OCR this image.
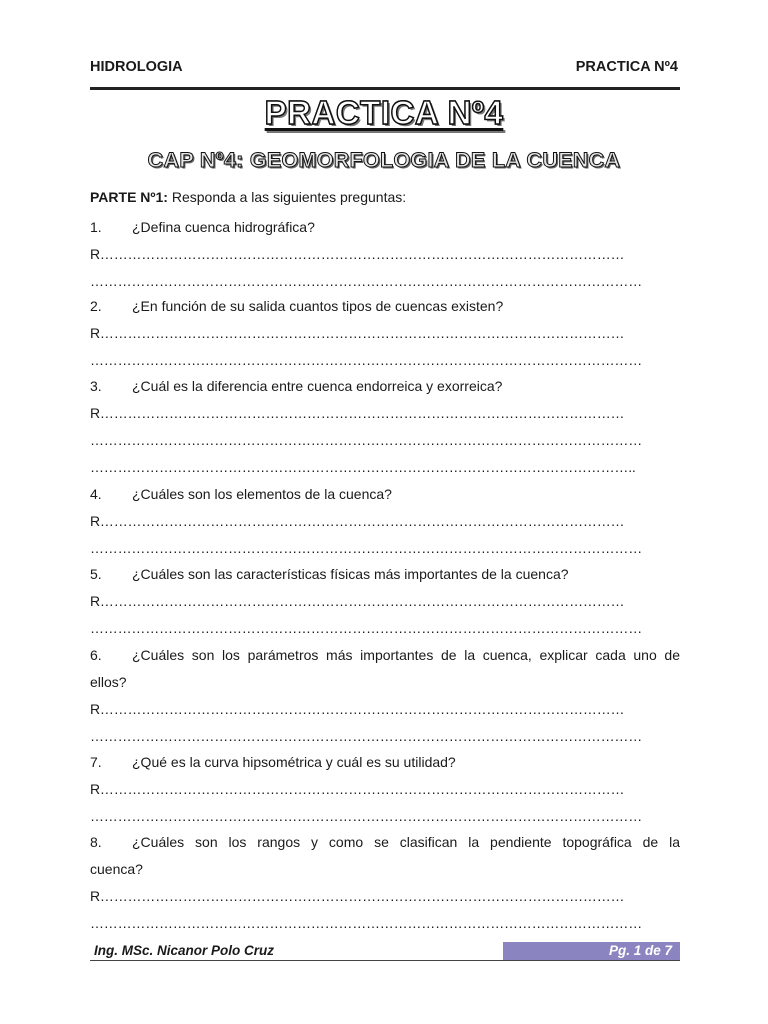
HIDROLOGIA	PRACTICA Nº4
PRACTICA Nº4
CAP Nº4: GEOMORFOLOGIA DE LA CUENCA
PARTE Nº1: Responda a las siguientes preguntas:
1.	¿Defina cuenca hidrográfica?
R……………………………………………………………………………………………………
…………………………………………………………………………………………………………
2.	¿En función de su salida cuantos tipos de cuencas existen?
R……………………………………………………………………………………………………
…………………………………………………………………………………………………………
3.	¿Cuál es la diferencia entre cuenca endorreica y exorreica?
R……………………………………………………………………………………………………
…………………………………………………………………………………………………………
………………………………………………………………………………………………………..
4.	¿Cuáles son los elementos de la cuenca?
R……………………………………………………………………………………………………
…………………………………………………………………………………………………………
5.	¿Cuáles son las características físicas más importantes de la cuenca?
R……………………………………………………………………………………………………
…………………………………………………………………………………………………………
6.	¿Cuáles son los parámetros más importantes de la cuenca, explicar cada uno de
ellos?
R……………………………………………………………………………………………………
…………………………………………………………………………………………………………
7.	¿Qué es la curva hipsométrica y cuál es su utilidad?
R……………………………………………………………………………………………………
…………………………………………………………………………………………………………
8.	¿Cuáles son los rangos y como se clasifican la pendiente topográfica de la
cuenca?
R……………………………………………………………………………………………………
…………………………………………………………………………………………………………
Ing. MSc. Nicanor Polo Cruz	Pg. 1 de 7
